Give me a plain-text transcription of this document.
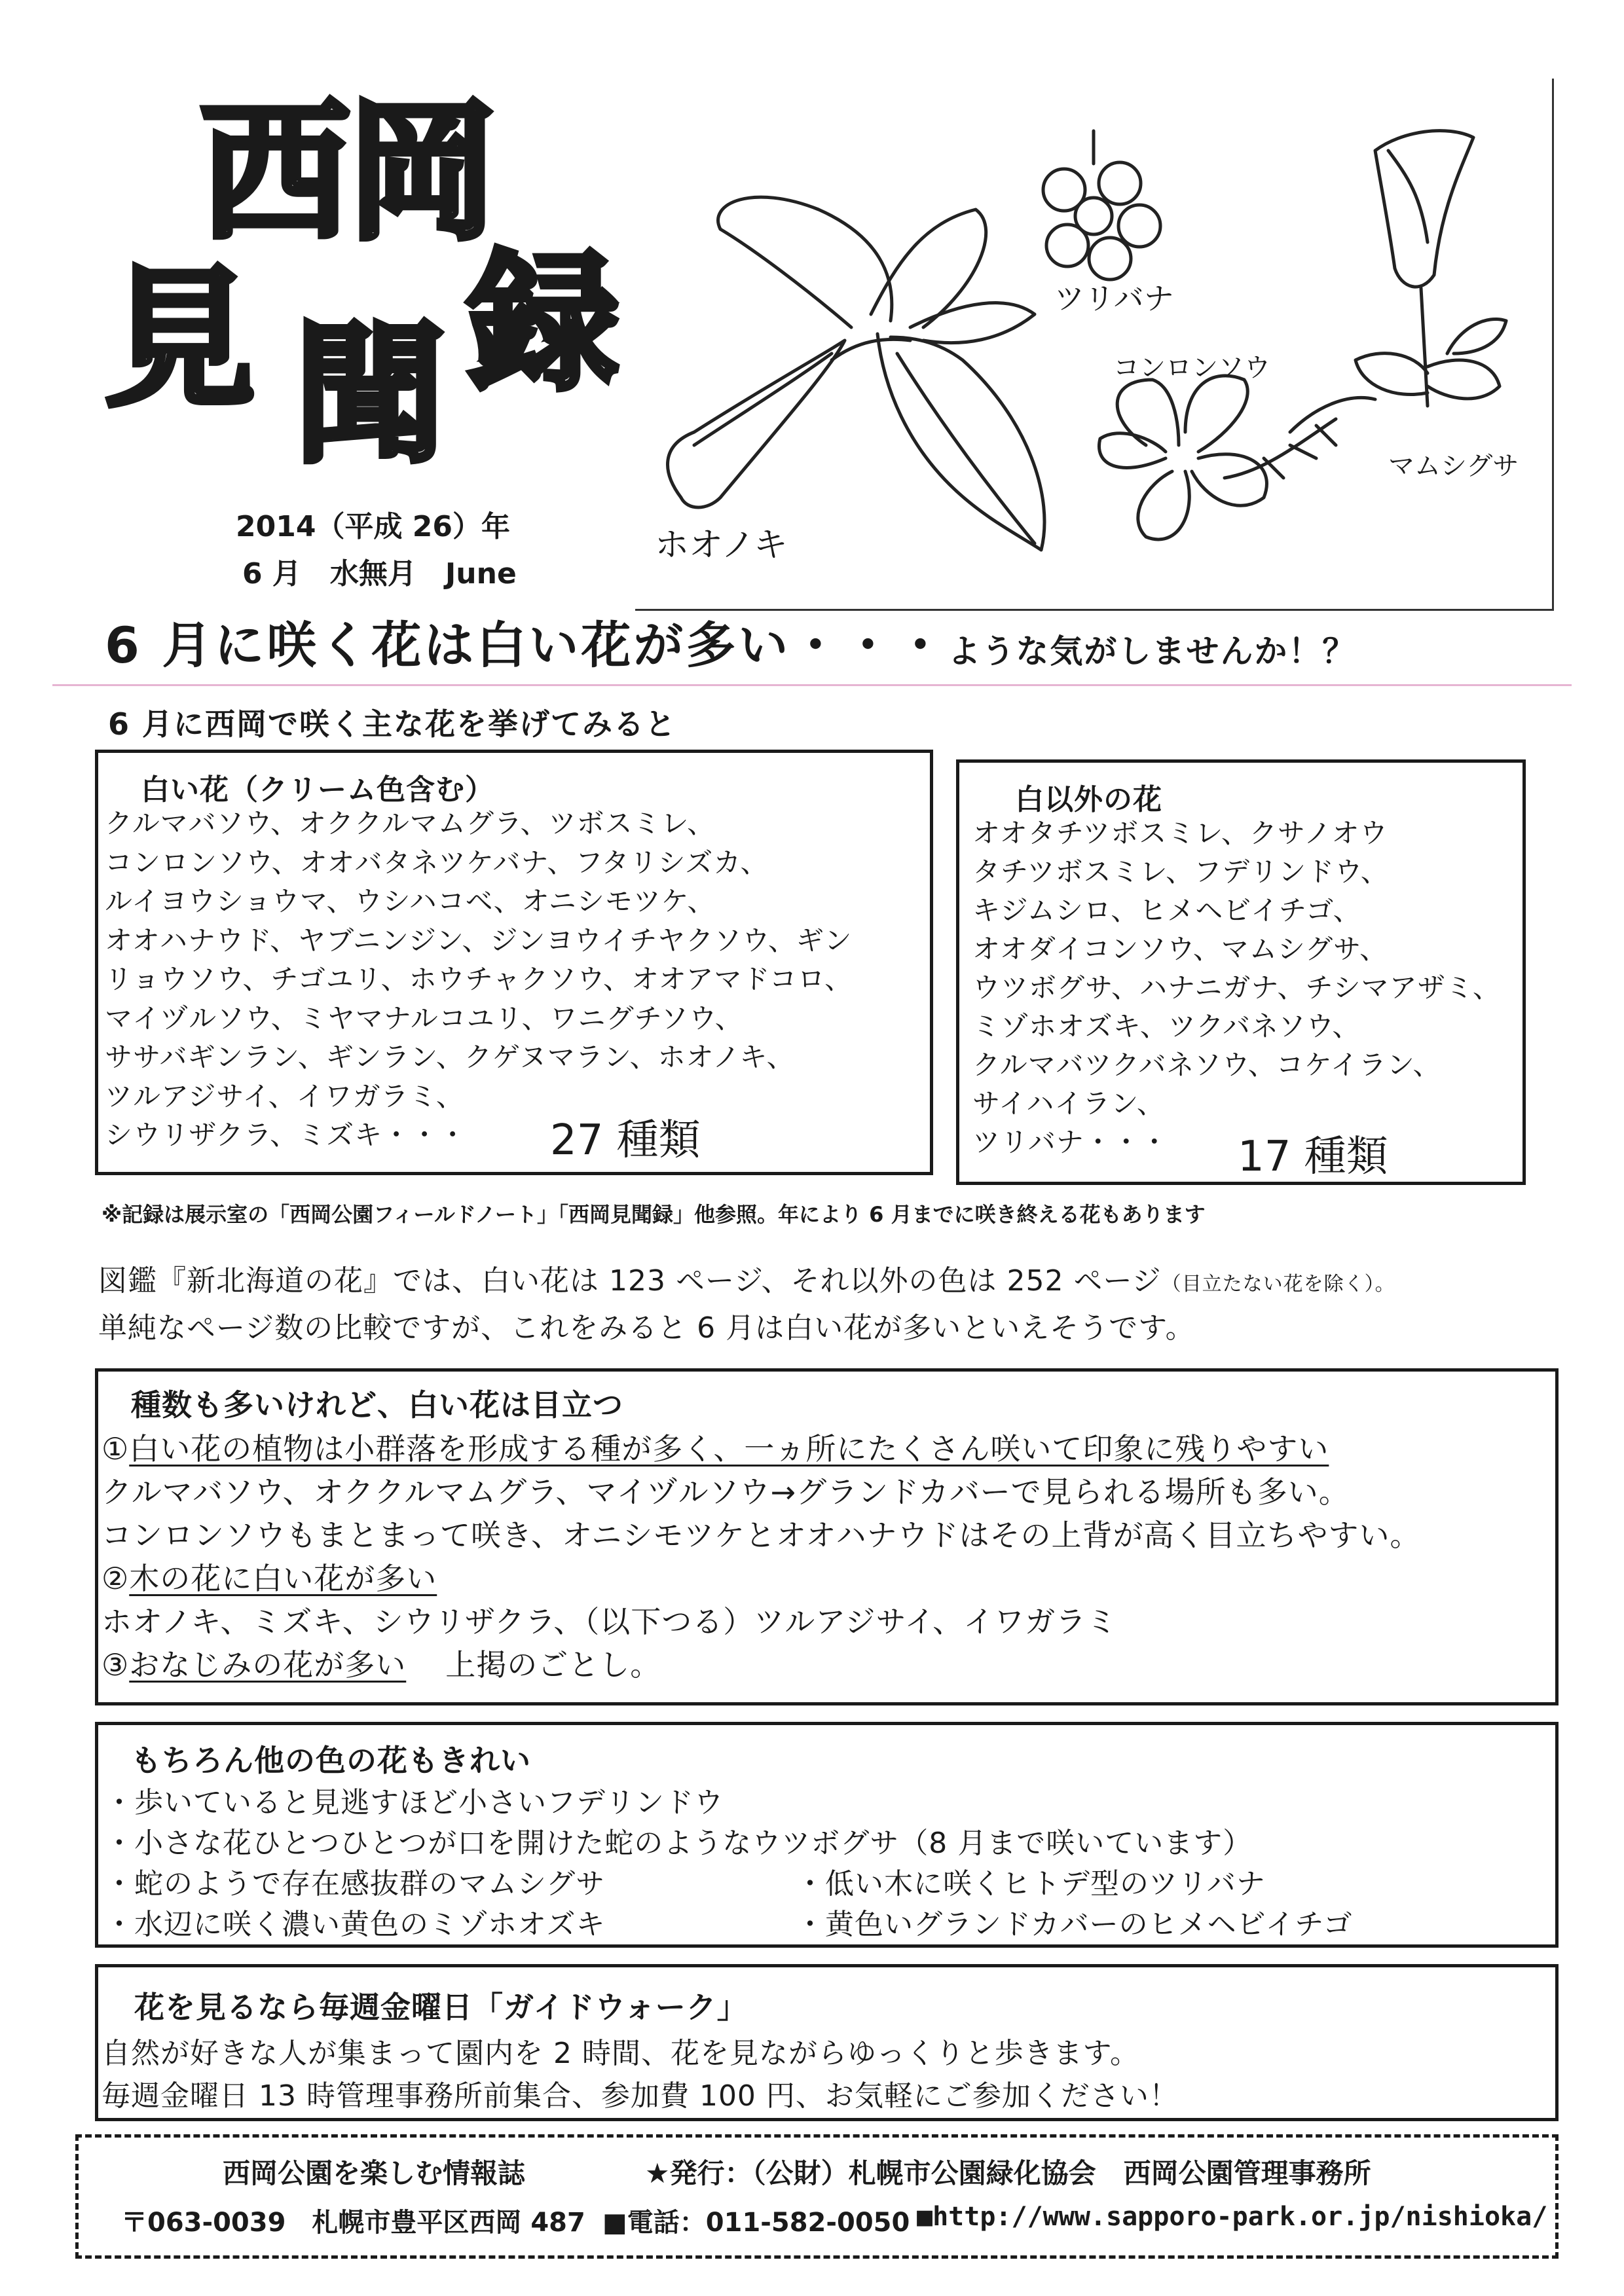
西
岡
見 録
聞
2014（平成 26）年
6 月　水無月　June
ツリバナ
コンロンソウ
マムシグサ
ホオノキ
6 月に咲く花は白い花が多い・・・ような気がしませんか！？
6 月に西岡で咲く主な花を挙げてみると
白い花（クリーム色含む）
クルマバソウ、オククルマムグラ、ツボスミレ、
コンロンソウ、オオバタネツケバナ、フタリシズカ、
ルイヨウショウマ、ウシハコベ、オニシモツケ、
オオハナウド、ヤブニンジン、ジンヨウイチヤクソウ、ギン
リョウソウ、チゴユリ、ホウチャクソウ、オオアマドコロ、
マイヅルソウ、ミヤマナルコユリ、ワニグチソウ、
ササバギンラン、ギンラン、クゲヌマラン、ホオノキ、
ツルアジサイ、イワガラミ、
シウリザクラ、ミズキ・・・	27 種類
白以外の花
オオタチツボスミレ、クサノオウ
タチツボスミレ、フデリンドウ、
キジムシロ、ヒメヘビイチゴ、
オオダイコンソウ、マムシグサ、
ウツボグサ、ハナニガナ、チシマアザミ、
ミゾホオズキ、ツクバネソウ、
クルマバツクバネソウ、コケイラン、
サイハイラン、
ツリバナ・・・	17 種類
※記録は展示室の「西岡公園フィールドノート」「西岡見聞録」他参照。年により 6 月までに咲き終える花もあります
図鑑『新北海道の花』では、白い花は 123 ページ、それ以外の色は 252 ページ（目立たない花を除く）。
単純なページ数の比較ですが、これをみると 6 月は白い花が多いといえそうです。
種数も多いけれど、白い花は目立つ
①白い花の植物は小群落を形成する種が多く、一ヵ所にたくさん咲いて印象に残りやすい
クルマバソウ、オククルマムグラ、マイヅルソウ→グランドカバーで見られる場所も多い。
コンロンソウもまとまって咲き、オニシモツケとオオハナウドはその上背が高く目立ちやすい。
②木の花に白い花が多い
ホオノキ、ミズキ、シウリザクラ、（以下つる）ツルアジサイ、イワガラミ
③おなじみの花が多い 上掲のごとし。
もちろん他の色の花もきれい
・歩いていると見逃すほど小さいフデリンドウ
・小さな花ひとつひとつが口を開けた蛇のようなウツボグサ（8 月まで咲いています）
・蛇のようで存在感抜群のマムシグサ	・低い木に咲くヒトデ型のツリバナ
・水辺に咲く濃い黄色のミゾホオズキ	・黄色いグランドカバーのヒメヘビイチゴ
花を見るなら毎週金曜日「ガイドウォーク」
自然が好きな人が集まって園内を 2 時間、花を見ながらゆっくりと歩きます。
毎週金曜日 13 時管理事務所前集合、参加費 100 円、お気軽にご参加ください！
西岡公園を楽しむ情報誌	★発行：（公財）札幌市公園緑化協会　西岡公園管理事務所
〒063-0039　札幌市豊平区西岡 487 ■電話：011-582-0050 ■http://www.sapporo-park.or.jp/nishioka/
